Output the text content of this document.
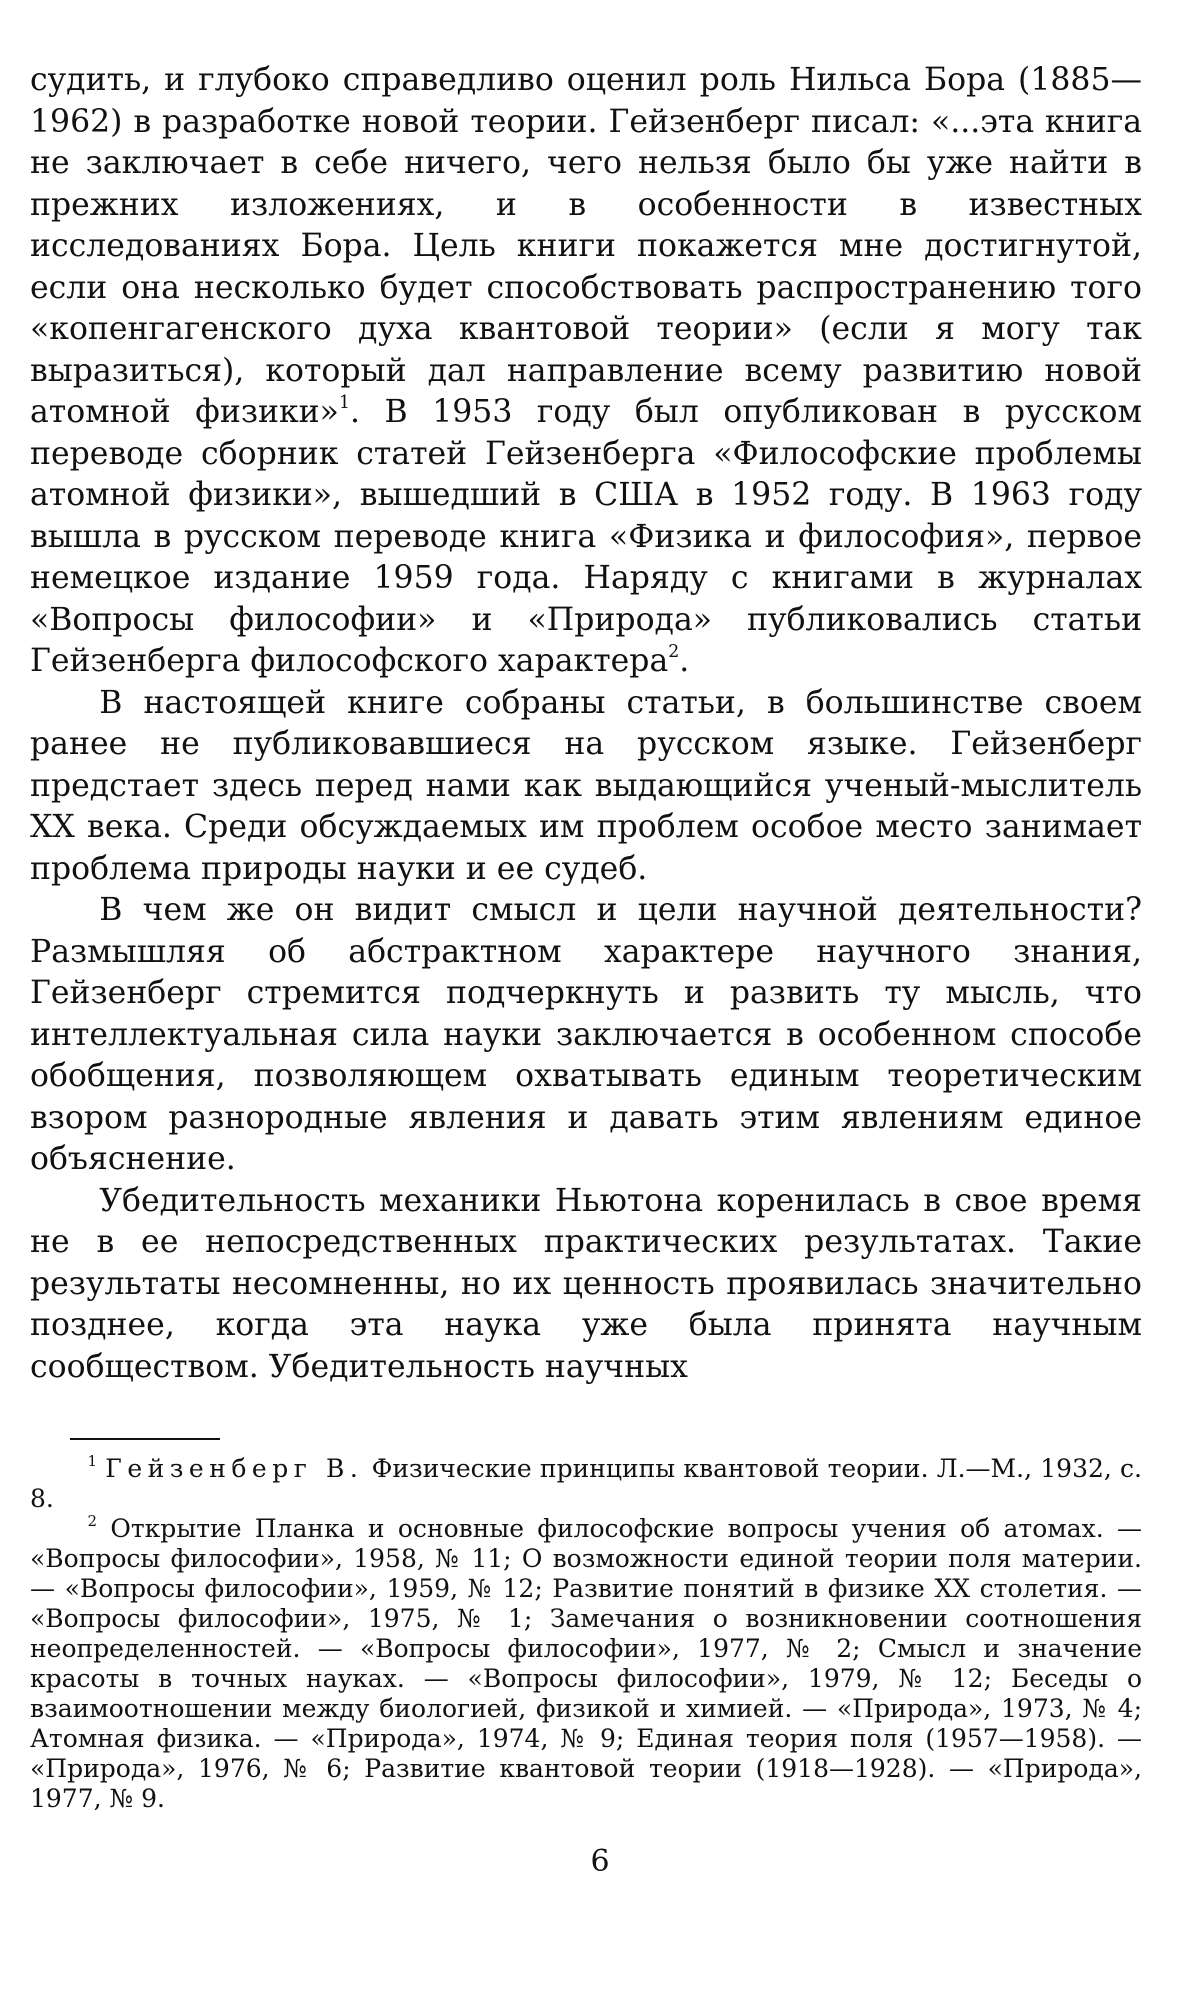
судить, и глубоко справедливо оценил роль Нильса Бора (1885—1962) в разработке новой теории. Гейзенберг писал: «...эта книга не заключает в себе ничего, чего нельзя было бы уже найти в прежних изложениях, и в особенности в известных исследованиях Бора. Цель книги покажется мне достигнутой, если она несколько будет способствовать распространению того «копенгагенского духа квантовой теории» (если я могу так выразиться), который дал направление всему развитию новой атомной физики»$^1$. В 1953 году был опубликован в русском переводе сборник статей Гейзенберга «Философские проблемы атомной физики», вышедший в США в 1952 году. В 1963 году вышла в русском переводе книга «Физика и философия», первое немецкое издание 1959 года. Наряду с книгами в журналах «Вопросы философии» и «Природа» публиковались статьи Гейзенберга философского характера$^2$.

В настоящей книге собраны статьи, в большинстве своем ранее не публиковавшиеся на русском языке. Гейзенберг предстает здесь перед нами как выдающийся ученый-мыслитель XX века. Среди обсуждаемых им проблем особое место занимает проблема природы науки и ее судеб.

В чем же он видит смысл и цели научной деятельности? Размышляя об абстрактном характере научного знания, Гейзенберг стремится подчеркнуть и развить ту мысль, что интеллектуальная сила науки заключается в особенном способе обобщения, позволяющем охватывать единым теоретическим взором разнородные явления и давать этим явлениям единое объяснение.

Убедительность механики Ньютона коренилась в свое время не в ее непосредственных практических результатах. Такие результаты несомненны, но их ценность проявилась значительно позднее, когда эта наука уже была принята научным сообществом. Убедительность научных

$^1$ Гейзенберг В. Физические принципы квантовой теории. Л.—М., 1932, с. 8.

$^2$ Открытие Планка и основные философские вопросы учения об атомах. — «Вопросы философии», 1958, № 11; О возможности единой теории поля материи. — «Вопросы философии», 1959, № 12; Развитие понятий в физике XX столетия. — «Вопросы философии», 1975, № 1; Замечания о возникновении соотношения неопределенностей. — «Вопросы философии», 1977, № 2; Смысл и значение красоты в точных науках. — «Вопросы философии», 1979, № 12; Беседы о взаимоотношении между биологией, физикой и химией. — «Природа», 1973, № 4; Атомная физика. — «Природа», 1974, № 9; Единая теория поля (1957—1958). — «Природа», 1976, № 6; Развитие квантовой теории (1918—1928). — «Природа», 1977, № 9.

6
